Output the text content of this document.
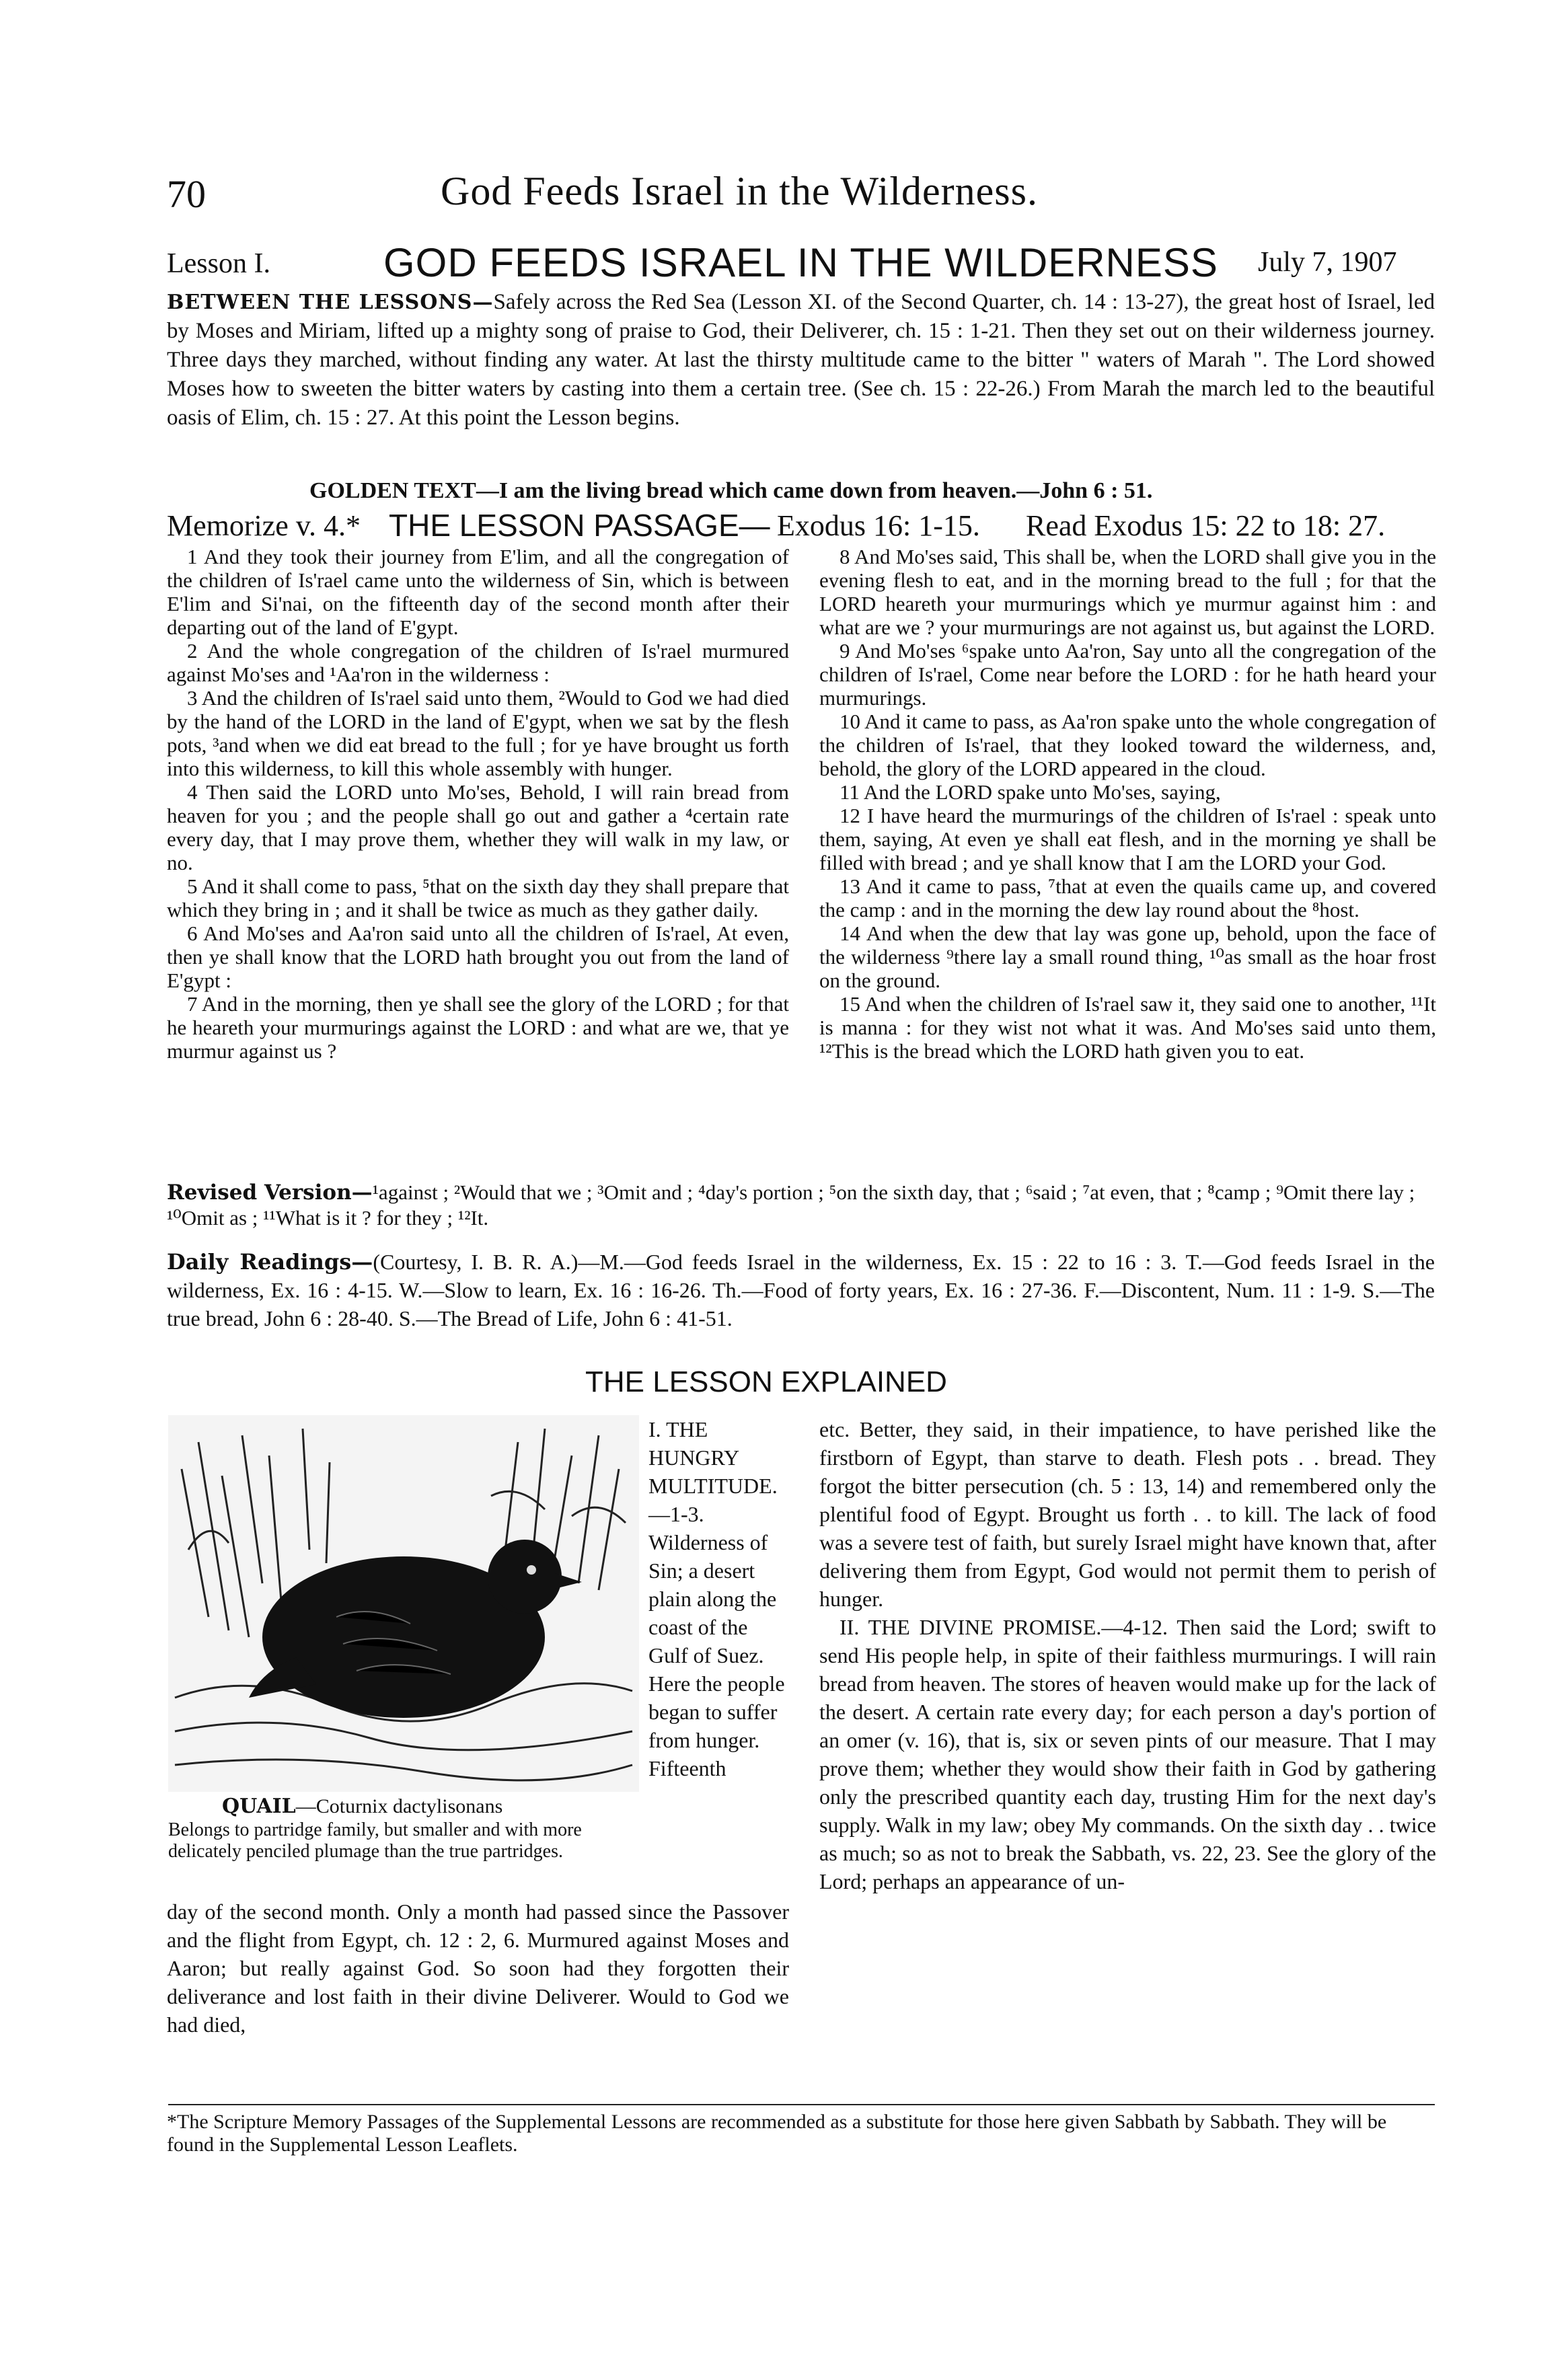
70	God Feeds Israel in the Wilderness.
Lesson I.	GOD FEEDS ISRAEL IN THE WILDERNESS July 7, 1907
BETWEEN THE LESSONS—Safely across the Red Sea (Lesson XI. of the Second Quarter, ch. 14 : 13-27), the great host of Israel, led by Moses and Miriam, lifted up a mighty song of praise to God, their Deliverer, ch. 15 : 1-21. Then they set out on their wilderness journey. Three days they marched, without finding any water. At last the thirsty multitude came to the bitter " waters of Marah ". The Lord showed Moses how to sweeten the bitter waters by casting into them a certain tree. (See ch. 15 : 22-26.) From Marah the march led to the beautiful oasis of Elim, ch. 15 : 27. At this point the Lesson begins.
GOLDEN TEXT—I am the living bread which came down from heaven.—John 6 : 51.
Memorize v. 4.* THE LESSON PASSAGE— Exodus 16: 1-15. Read Exodus 15: 22 to 18: 27.

1 And they took their journey from E'lim, and all the congregation of the children of Is'rael came unto the wilderness of Sin, which is between E'lim and Si'nai, on the fifteenth day of the second month after their departing out of the land of E'gypt.

2 And the whole congregation of the children of Is'rael murmured against Mo'ses and ¹Aa'ron in the wilderness :

3 And the children of Is'rael said unto them, ²Would to God we had died by the hand of the LORD in the land of E'gypt, when we sat by the flesh pots, ³and when we did eat bread to the full ; for ye have brought us forth into this wilderness, to kill this whole assembly with hunger.

4 Then said the LORD unto Mo'ses, Behold, I will rain bread from heaven for you ; and the people shall go out and gather a ⁴certain rate every day, that I may prove them, whether they will walk in my law, or no.

5 And it shall come to pass, ⁵that on the sixth day they shall prepare that which they bring in ; and it shall be twice as much as they gather daily.

6 And Mo'ses and Aa'ron said unto all the children of Is'rael, At even, then ye shall know that the LORD hath brought you out from the land of E'gypt :

7 And in the morning, then ye shall see the glory of the LORD ; for that he heareth your murmurings against the LORD : and what are we, that ye murmur against us ?

8 And Mo'ses said, This shall be, when the LORD shall give you in the evening flesh to eat, and in the morning bread to the full ; for that the LORD heareth your murmurings which ye murmur against him : and what are we ? your murmurings are not against us, but against the LORD.

9 And Mo'ses ⁶spake unto Aa'ron, Say unto all the congregation of the children of Is'rael, Come near before the LORD : for he hath heard your murmurings.

10 And it came to pass, as Aa'ron spake unto the whole congregation of the children of Is'rael, that they looked toward the wilderness, and, behold, the glory of the LORD appeared in the cloud.

11 And the LORD spake unto Mo'ses, saying,

12 I have heard the murmurings of the children of Is'rael : speak unto them, saying, At even ye shall eat flesh, and in the morning ye shall be filled with bread ; and ye shall know that I am the LORD your God.

13 And it came to pass, ⁷that at even the quails came up, and covered the camp : and in the morning the dew lay round about the ⁸host.

14 And when the dew that lay was gone up, behold, upon the face of the wilderness ⁹there lay a small round thing, ¹⁰as small as the hoar frost on the ground.

15 And when the children of Is'rael saw it, they said one to another, ¹¹It is manna : for they wist not what it was. And Mo'ses said unto them, ¹²This is the bread which the LORD hath given you to eat.

Revised Version—¹against ; ²Would that we ; ³Omit and ; ⁴day's portion ; ⁵on the sixth day, that ; ⁶said ; ⁷at even, that ; ⁸camp ; ⁹Omit there lay ; ¹⁰Omit as ; ¹¹What is it ? for they ; ¹²It.
Daily Readings—(Courtesy, I. B. R. A.)—M.—God feeds Israel in the wilderness, Ex. 15 : 22 to 16 : 3. T.—God feeds Israel in the wilderness, Ex. 16 : 4-15. W.—Slow to learn, Ex. 16 : 16-26. Th.—Food of forty years, Ex. 16 : 27-36. F.—Discontent, Num. 11 : 1-9. S.—The true bread, John 6 : 28-40. S.—The Bread of Life, John 6 : 41-51.
THE LESSON EXPLAINED
QUAIL—Coturnix dactylisonans
Belongs to partridge family, but smaller and with more delicately penciled plumage than the true partridges.
I. THE HUNGRY MULTITUDE.—1-3. Wilderness of Sin; a desert plain along the coast of the Gulf of Suez. Here the people began to suffer from hunger. Fifteenth
day of the second month. Only a month had passed since the Passover and the flight from Egypt, ch. 12 : 2, 6. Murmured against Moses and Aaron; but really against God. So soon had they forgotten their deliverance and lost faith in their divine Deliverer. Would to God we had died,

etc. Better, they said, in their impatience, to have perished like the firstborn of Egypt, than starve to death. Flesh pots . . bread. They forgot the bitter persecution (ch. 5 : 13, 14) and remembered only the plentiful food of Egypt. Brought us forth . . to kill. The lack of food was a severe test of faith, but surely Israel might have known that, after delivering them from Egypt, God would not permit them to perish of hunger.

II. THE DIVINE PROMISE.—4-12. Then said the Lord; swift to send His people help, in spite of their faithless murmurings. I will rain bread from heaven. The stores of heaven would make up for the lack of the desert. A certain rate every day; for each person a day's portion of an omer (v. 16), that is, six or seven pints of our measure. That I may prove them; whether they would show their faith in God by gathering only the prescribed quantity each day, trusting Him for the next day's supply. Walk in my law; obey My commands. On the sixth day . . twice as much; so as not to break the Sabbath, vs. 22, 23. See the glory of the Lord; perhaps an appearance of un-

*The Scripture Memory Passages of the Supplemental Lessons are recommended as a substitute for those here given Sabbath by Sabbath. They will be found in the Supplemental Lesson Leaflets.
